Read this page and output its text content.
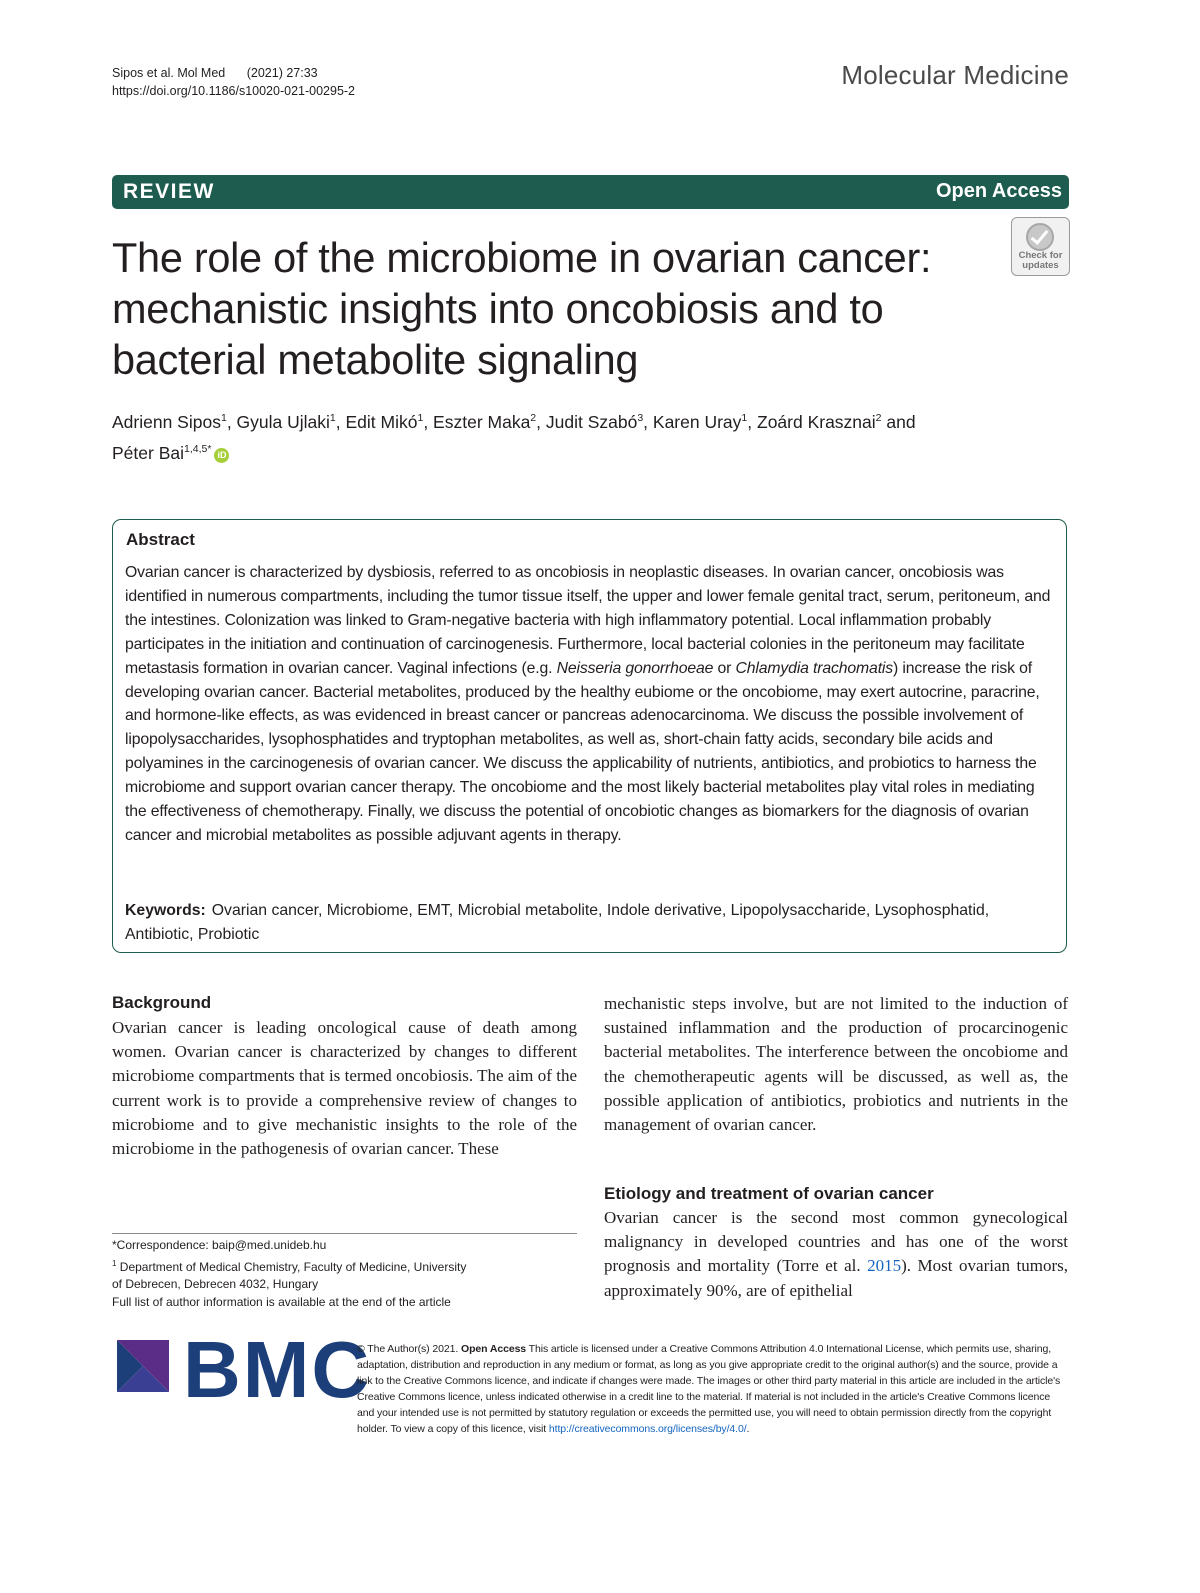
Sipos et al. Mol Med (2021) 27:33
https://doi.org/10.1186/s10020-021-00295-2
Molecular Medicine
REVIEW	Open Access
The role of the microbiome in ovarian cancer: mechanistic insights into oncobiosis and to bacterial metabolite signaling
Check for
updates
Adrienn Sipos$^1$, Gyula Ujlaki$^1$, Edit Mikó$^1$, Eszter Maka$^2$, Judit Szabó$^3$, Karen Uray$^1$, Zoárd Krasznai$^2$ and
Péter Bai$^{1,4,5*}$ iD
Abstract

Ovarian cancer is characterized by dysbiosis, referred to as oncobiosis in neoplastic diseases. In ovarian cancer, oncobiosis was identified in numerous compartments, including the tumor tissue itself, the upper and lower female genital tract, serum, peritoneum, and the intestines. Colonization was linked to Gram-negative bacteria with high inflammatory potential. Local inflammation probably participates in the initiation and continuation of carcinogenesis. Furthermore, local bacterial colonies in the peritoneum may facilitate metastasis formation in ovarian cancer. Vaginal infections (e.g. Neisseria gonorrhoeae or Chlamydia trachomatis) increase the risk of developing ovarian cancer. Bacterial metabolites, produced by the healthy eubiome or the oncobiome, may exert autocrine, paracrine, and hormone-like effects, as was evidenced in breast cancer or pancreas adenocarcinoma. We discuss the possible involvement of lipopolysaccharides, lysophosphatides and tryptophan metabolites, as well as, short-chain fatty acids, secondary bile acids and polyamines in the carcinogenesis of ovarian cancer. We discuss the applicability of nutrients, antibiotics, and probiotics to harness the microbiome and support ovarian cancer therapy. The oncobiome and the most likely bacterial metabolites play vital roles in mediating the effectiveness of chemotherapy. Finally, we discuss the potential of oncobiotic changes as biomarkers for the diagnosis of ovarian cancer and microbial metabolites as possible adjuvant agents in therapy.

Keywords: Ovarian cancer, Microbiome, EMT, Microbial metabolite, Indole derivative, Lipopolysaccharide, Lysophosphatid, Antibiotic, Probiotic
Background

Ovarian cancer is leading oncological cause of death among women. Ovarian cancer is characterized by changes to different microbiome compartments that is termed oncobiosis. The aim of the current work is to provide a comprehensive review of changes to microbiome and to give mechanistic insights to the role of the microbiome in the pathogenesis of ovarian cancer. These

mechanistic steps involve, but are not limited to the induction of sustained inflammation and the production of procarcinogenic bacterial metabolites. The interference between the oncobiome and the chemotherapeutic agents will be discussed, as well as, the possible application of antibiotics, probiotics and nutrients in the management of ovarian cancer.

Etiology and treatment of ovarian cancer

Ovarian cancer is the second most common gynecological malignancy in developed countries and has one of the worst prognosis and mortality (Torre et al. 2015). Most ovarian tumors, approximately 90%, are of epithelial

*Correspondence: baip@med.unideb.hu
$^1$ Department of Medical Chemistry, Faculty of Medicine, University
of Debrecen, Debrecen 4032, Hungary
Full list of author information is available at the end of the article
BMC
© The Author(s) 2021. Open Access This article is licensed under a Creative Commons Attribution 4.0 International License, which permits use, sharing, adaptation, distribution and reproduction in any medium or format, as long as you give appropriate credit to the original author(s) and the source, provide a link to the Creative Commons licence, and indicate if changes were made. The images or other third party material in this article are included in the article's Creative Commons licence, unless indicated otherwise in a credit line to the material. If material is not included in the article's Creative Commons licence and your intended use is not permitted by statutory regulation or exceeds the permitted use, you will need to obtain permission directly from the copyright holder. To view a copy of this licence, visit http://creativecommons.org/licenses/by/4.0/.
